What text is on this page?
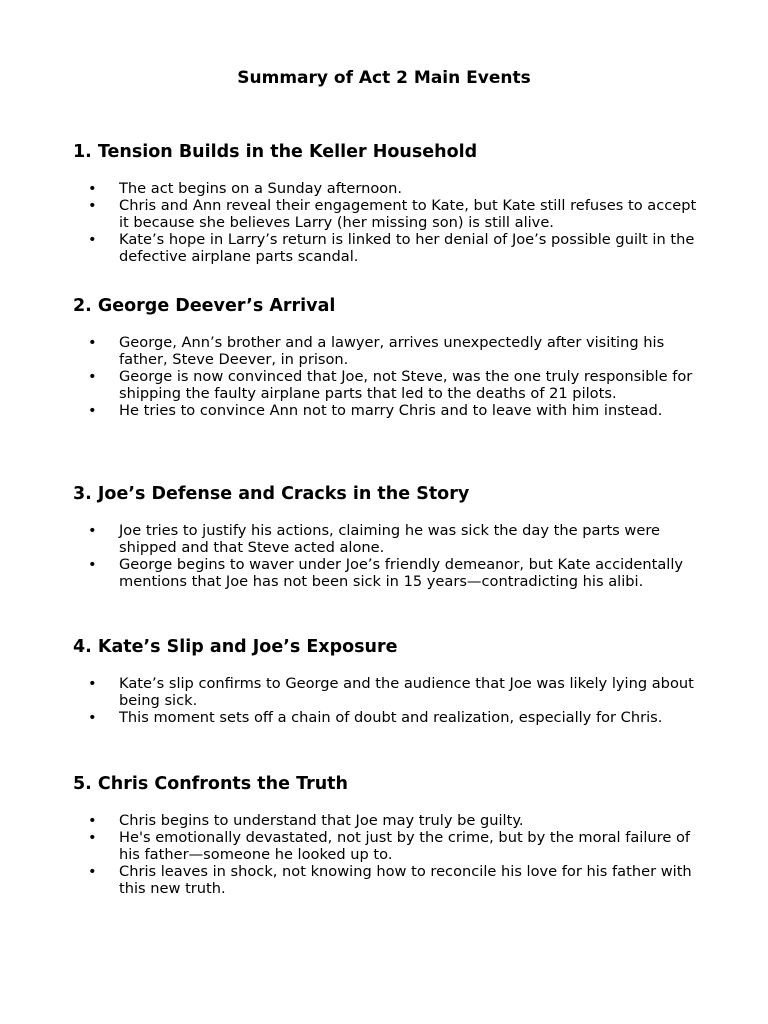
Summary of Act 2 Main Events
1. Tension Builds in the Keller Household
• The act begins on a Sunday afternoon.
• Chris and Ann reveal their engagement to Kate, but Kate still refuses to accept it because she believes Larry (her missing son) is still alive.
• Kate’s hope in Larry’s return is linked to her denial of Joe’s possible guilt in the defective airplane parts scandal.
2. George Deever’s Arrival
• George, Ann’s brother and a lawyer, arrives unexpectedly after visiting his father, Steve Deever, in prison.
• George is now convinced that Joe, not Steve, was the one truly responsible for shipping the faulty airplane parts that led to the deaths of 21 pilots.
• He tries to convince Ann not to marry Chris and to leave with him instead.
3. Joe’s Defense and Cracks in the Story
• Joe tries to justify his actions, claiming he was sick the day the parts were shipped and that Steve acted alone.
• George begins to waver under Joe’s friendly demeanor, but Kate accidentally mentions that Joe has not been sick in 15 years—contradicting his alibi.
4. Kate’s Slip and Joe’s Exposure
• Kate’s slip confirms to George and the audience that Joe was likely lying about being sick.
• This moment sets off a chain of doubt and realization, especially for Chris.
5. Chris Confronts the Truth
• Chris begins to understand that Joe may truly be guilty.
• He's emotionally devastated, not just by the crime, but by the moral failure of his father—someone he looked up to.
• Chris leaves in shock, not knowing how to reconcile his love for his father with this new truth.
